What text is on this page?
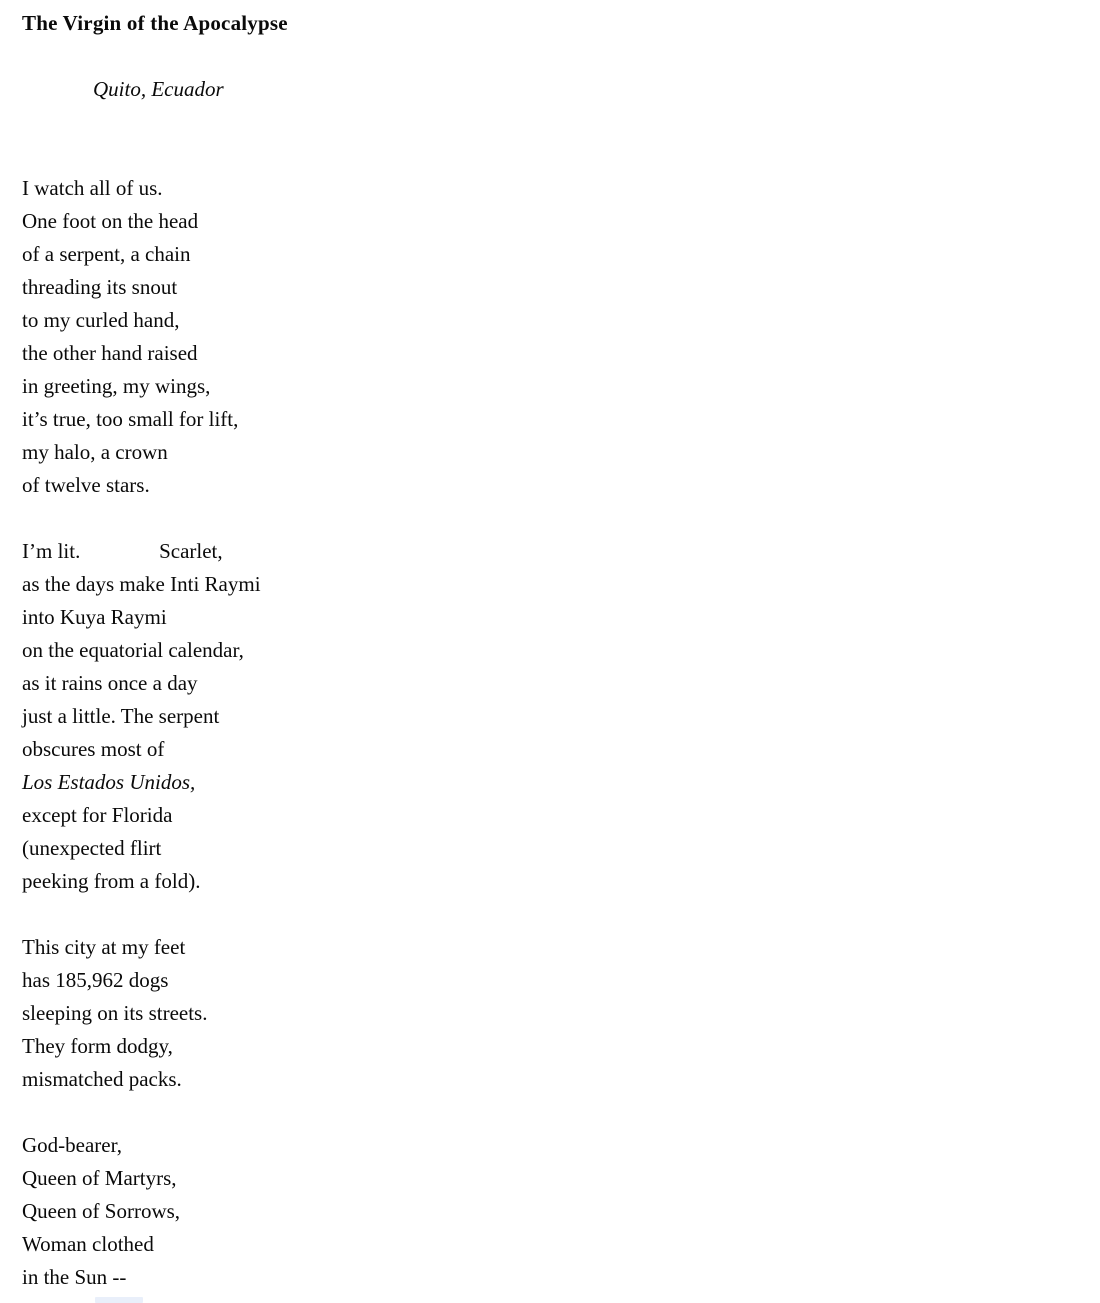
The Virgin of the Apocalypse
Quito, Ecuador
I watch all of us.
One foot on the head
of a serpent, a chain
threading its snout
to my curled hand,
the other hand raised
in greeting, my wings,
it’s true, too small for lift,
my halo, a crown
of twelve stars.
I’m lit.               Scarlet,
as the days make Inti Raymi
into Kuya Raymi
on the equatorial calendar,
as it rains once a day
just a little. The serpent
obscures most of
Los Estados Unidos,
except for Florida
(unexpected flirt
peeking from a fold).
This city at my feet
has 185,962 dogs
sleeping on its streets.
They form dodgy,
mismatched packs.
God-bearer,
Queen of Martyrs,
Queen of Sorrows,
Woman clothed
in the Sun --
